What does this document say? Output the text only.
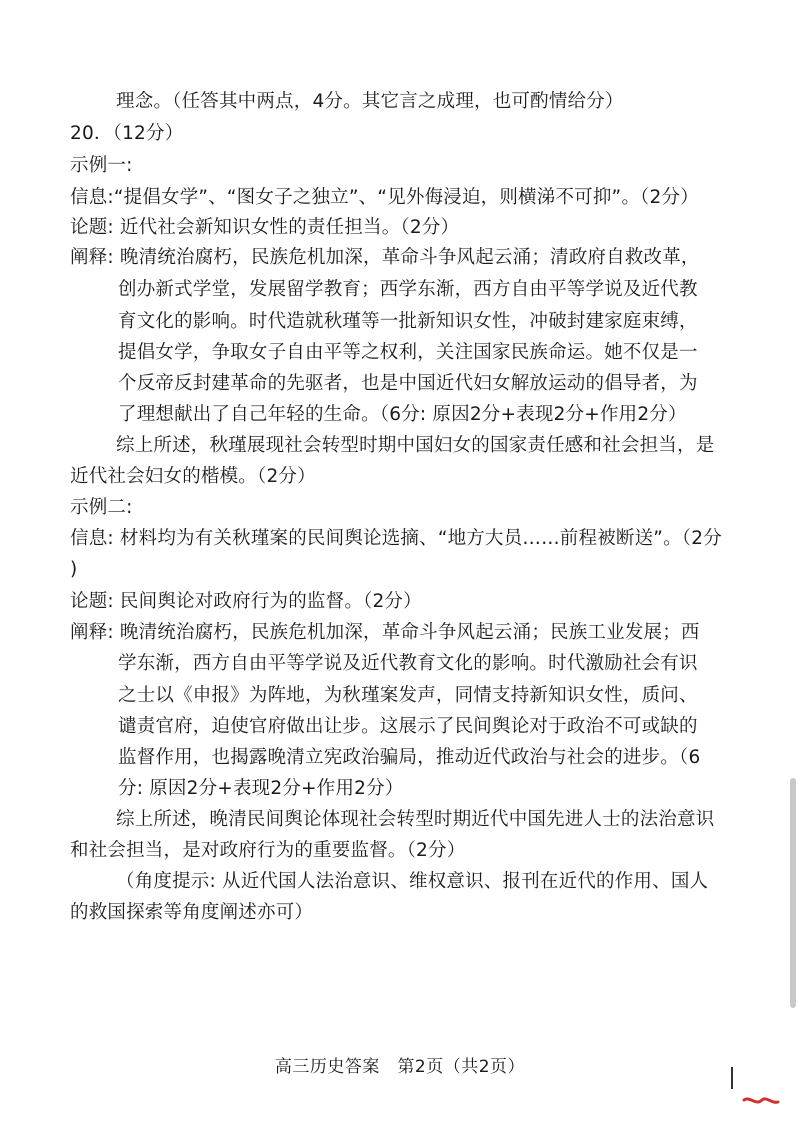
理念。（任答其中两点，4分。其它言之成理，也可酌情给分）
20．（12分）
示例一:
信息:“提倡女学”、“图女子之独立”、“见外侮浸迫，则横涕不可抑”。（2分）
论题: 近代社会新知识女性的责任担当。（2分）
阐释: 晚清统治腐朽，民族危机加深，革命斗争风起云涌；清政府自救改革，
创办新式学堂，发展留学教育；西学东渐，西方自由平等学说及近代教
育文化的影响。时代造就秋瑾等一批新知识女性，冲破封建家庭束缚，
提倡女学，争取女子自由平等之权利，关注国家民族命运。她不仅是一
个反帝反封建革命的先驱者，也是中国近代妇女解放运动的倡导者，为
了理想献出了自己年轻的生命。（6分: 原因2分+表现2分+作用2分）
综上所述，秋瑾展现社会转型时期中国妇女的国家责任感和社会担当，是
近代社会妇女的楷模。（2分）
示例二:
信息: 材料均为有关秋瑾案的民间舆论选摘、“地方大员……前程被断送”。（2分
)
论题: 民间舆论对政府行为的监督。（2分）
阐释: 晚清统治腐朽，民族危机加深，革命斗争风起云涌；民族工业发展；西
学东渐，西方自由平等学说及近代教育文化的影响。时代激励社会有识
之士以《申报》为阵地，为秋瑾案发声，同情支持新知识女性，质问、
谴责官府，迫使官府做出让步。这展示了民间舆论对于政治不可或缺的
监督作用，也揭露晚清立宪政治骗局，推动近代政治与社会的进步。（6
分: 原因2分+表现2分+作用2分）
综上所述，晚清民间舆论体现社会转型时期近代中国先进人士的法治意识
和社会担当，是对政府行为的重要监督。（2分）
（角度提示: 从近代国人法治意识、维权意识、报刊在近代的作用、国人
的救国探索等角度阐述亦可）
高三历史答案　第2页（共2页）
